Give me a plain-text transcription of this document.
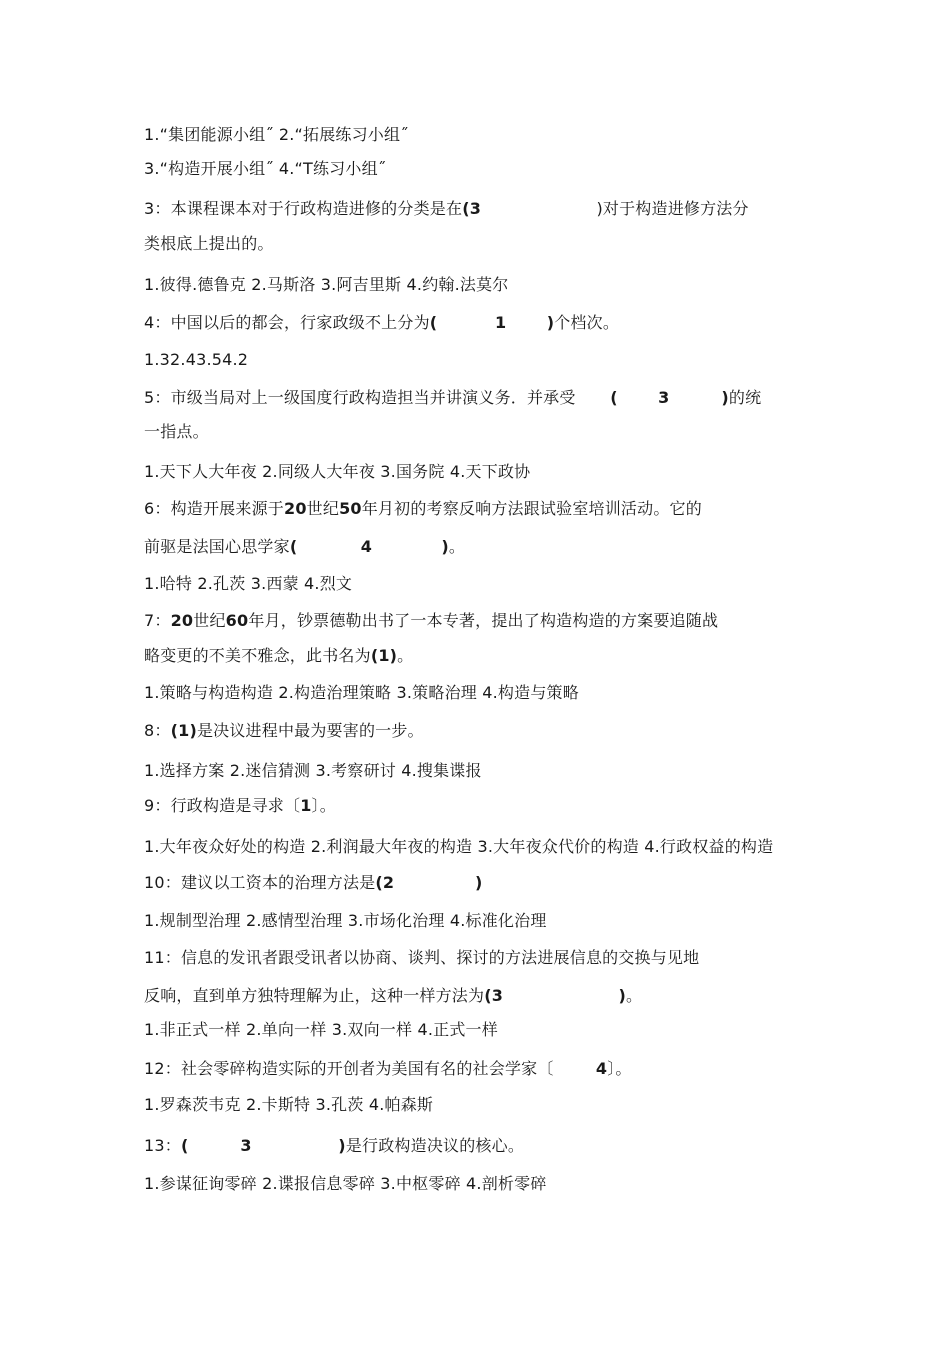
1.“集团能源小组˝ 2.“拓展练习小组˝
3.“构造开展小组˝ 4.“T练习小组˝
3：本课程课本对于行政构造进修的分类是在(3                    )对于构造进修方法分
类根底上提出的。
1.彼得.德鲁克 2.马斯洛 3.阿吉里斯 4.约翰.法莫尔
4：中国以后的都会，行家政级不上分为(          1       )个档次。
1.32.43.54.2
5：市级当局对上一级国度行政构造担当并讲演义务．并承受      (       3         )的统
一指点。
1.天下人大年夜 2.同级人大年夜 3.国务院 4.天下政协
6：构造开展来源于20世纪50年月初的考察反响方法跟试验室培训活动。它的
前驱是法国心思学家(           4            )。
1.哈特 2.孔茨 3.西蒙 4.烈文
7：20世纪60年月，钞票德勒出书了一本专著，提出了构造构造的方案要追随战
略变更的不美不雅念，此书名为(1)。
1.策略与构造构造 2.构造治理策略 3.策略治理 4.构造与策略
8：(1)是决议进程中最为要害的一步。
1.选择方案 2.迷信猜测 3.考察研讨 4.搜集谍报
9：行政构造是寻求〔1〕。
1.大年夜众好处的构造 2.利润最大年夜的构造 3.大年夜众代价的构造 4.行政权益的构造
10：建议以工资本的治理方法是(2              )
1.规制型治理 2.感情型治理 3.市场化治理 4.标准化治理
11：信息的发讯者跟受讯者以协商、谈判、探讨的方法进展信息的交换与见地
反响，直到单方独特理解为止，这种一样方法为(3                    )。
1.非正式一样 2.单向一样 3.双向一样 4.正式一样
12：社会零碎构造实际的开创者为美国有名的社会学家〔        4〕。
1.罗森茨韦克 2.卡斯特 3.孔茨 4.帕森斯
13：(         3               )是行政构造决议的核心。
1.参谋征询零碎 2.谍报信息零碎 3.中枢零碎 4.剖析零碎
